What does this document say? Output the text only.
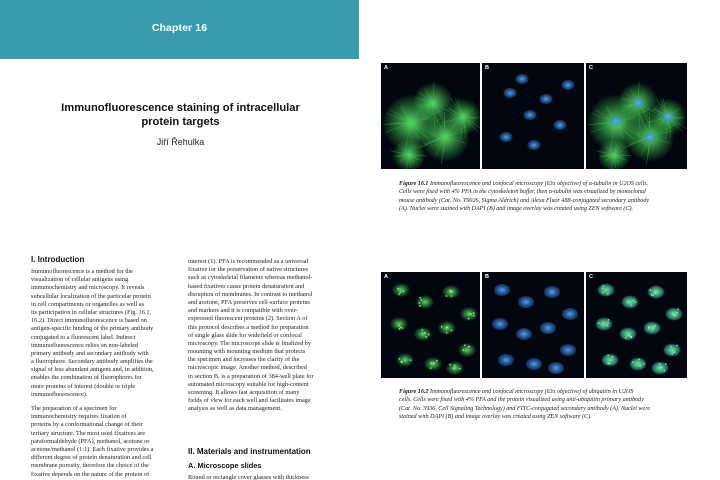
Chapter 16
Immunofluorescence staining of intracellular
protein targets
Jiří Řehulka
I. Introduction
Immunofluorescence is a method for the
visualization of cellular antigens using
immunochemistry and microscopy. It reveals
subcellular localization of the particular protein
in cell compartments or organelles as well as
its participation in cellular structures (Fig. 16.1,
16.2). Direct immunofluorescence is based on
antigen-specific binding of the primary antibody
conjugated to a fluorescent label. Indirect
immunofluorescence relies on non-labeled
primary antibody and secondary antibody with
a fluorophore. Secondary antibody amplifies the
signal of less abundant antigens and, in addition,
enables the combination of fluorophores for
more proteins of interest (double or triple
immunofluorescence).
The preparation of a specimen for
immunochemistry requires fixation of
proteins by a conformational change of their
tertiary structure. The most used fixatives are
paraformaldehyde (PFA), methanol, acetone or
acetone/methanol (1:1). Each fixative provides a
different degree of protein denaturation and cell
membrane porosity, therefore the choice of the
fixative depends on the nature of the protein of
interest (1). PFA is recommended as a universal
fixative for the preservation of native structures
such as cytoskeletal filaments whereas methanol-
based fixatives cause protein denaturation and
disruption of membranes. In contrast to methanol
and acetone, PFA preserves cell-surface proteins
and markers and it is compatible with over-
expressed fluorescent proteins (2). Section A of
this protocol describes a method for preparation
of single glass slide for widefield or confocal
microscopy. The microscope slide is finalized by
mounting with mounting medium that protects
the specimen and increases the clarity of the
microscopic image. Another method, described
in section B, is a preparation of 384-well plate for
automated microscopy suitable for high-content
screening. It allows fast acquisition of many
fields of view for each well and facilitates image
analysis as well as data management.
II. Materials and instrumentation
A. Microscope slides
Round or rectangle cover glasses with thickness
A	B	C
Figure 16.1 Immunofluorescence and confocal microscopy (63x objective) of α-tubulin in U2OS cells.
Cells were fixed with 4% PFA in the cytoskeleton buffer, then α-tubulin was visualized by monoclonal
mouse antibody (Cat. No. T9026, Sigma Aldrich) and Alexa Fluor 488-conjugated secondary antibody
(A). Nuclei were stained with DAPI (B) and image overlay was created using ZEN software (C).
A	B	C
Figure 16.2 Immunofluorescence and confocal microscopy (63x objective) of ubiquitin in U2OS
cells. Cells were fixed with 4% PFA and the protein visualized using anti-ubiquitin primary antibody
(Cat. No. 3936, Cell Signaling Technology) and FITC-conjugated secondary antibody (A). Nuclei were
stained with DAPI (B) and image overlay was created using ZEN software (C).
